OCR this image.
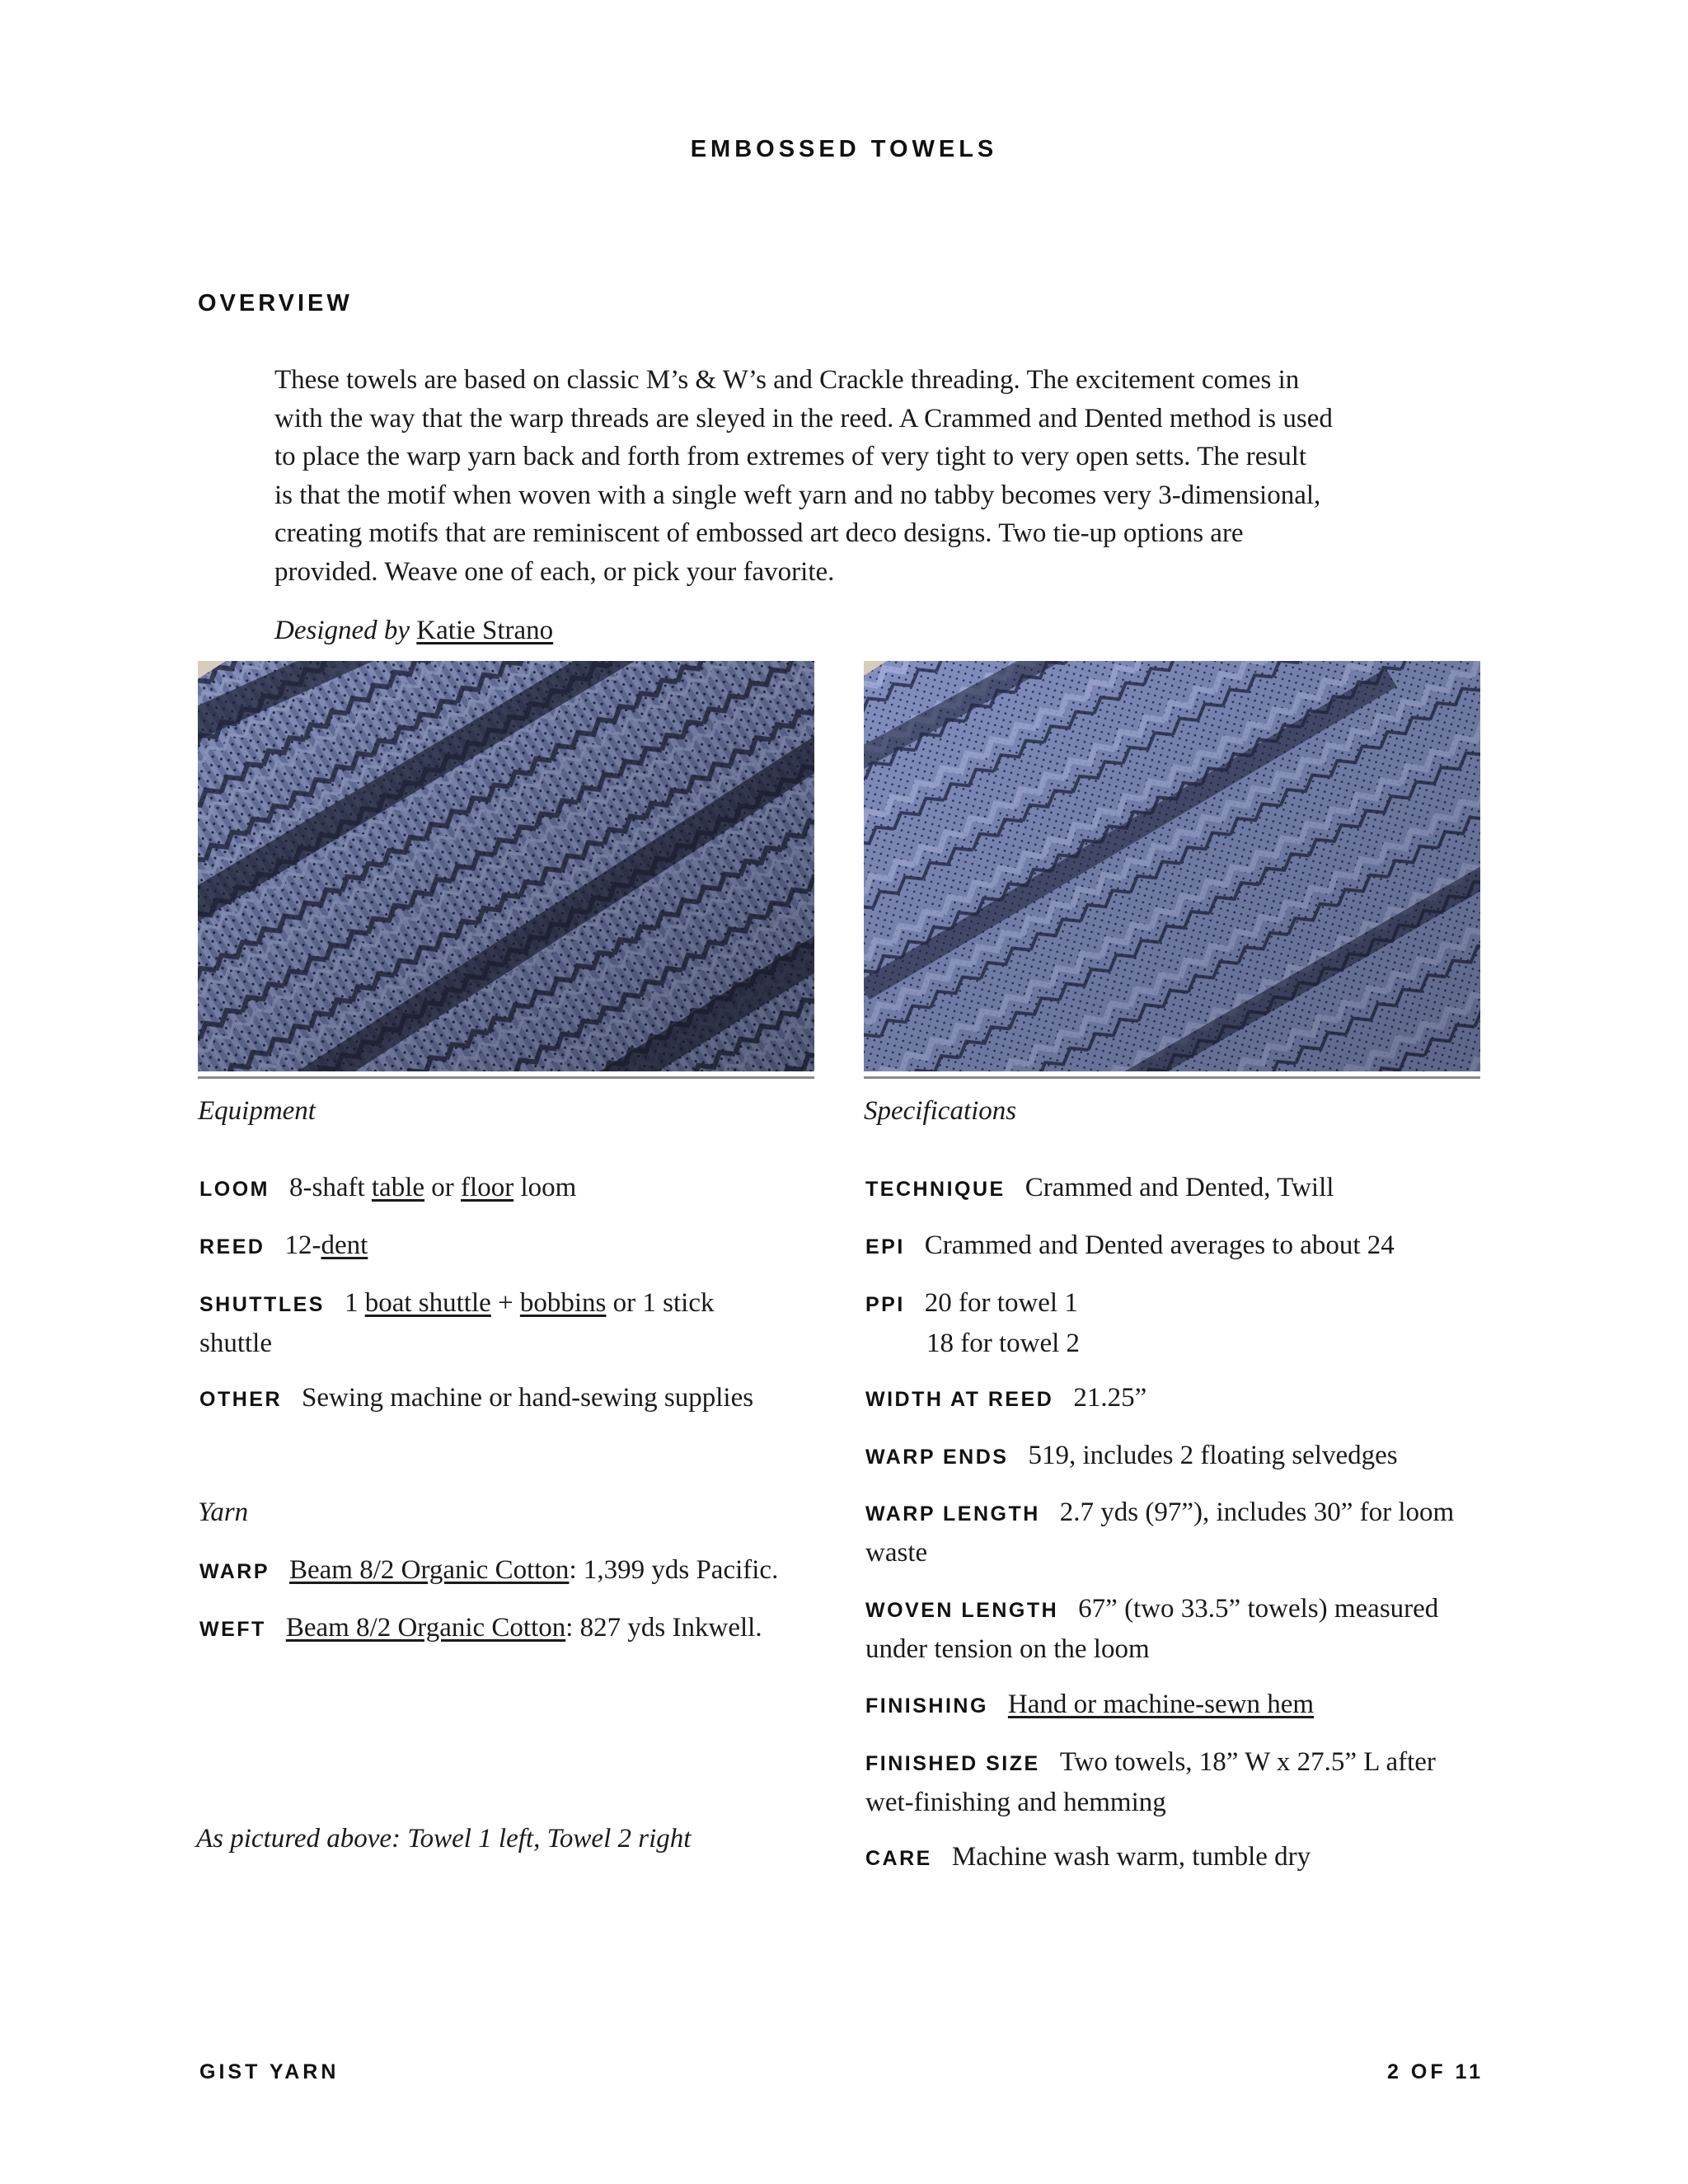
EMBOSSED TOWELS
OVERVIEW
These towels are based on classic M’s & W’s and Crackle threading. The excitement comes in
with the way that the warp threads are sleyed in the reed. A Crammed and Dented method is used
to place the warp yarn back and forth from extremes of very tight to very open setts. The result
is that the motif when woven with a single weft yarn and no tabby becomes very 3-dimensional,
creating motifs that are reminiscent of embossed art deco designs. Two tie-up options are
provided. Weave one of each, or pick your favorite.
Designed by Katie Strano
Equipment
LOOM 8-shaft table or floor loom
REED 12-dent
SHUTTLES 1 boat shuttle + bobbins or 1 stick
shuttle
OTHER Sewing machine or hand-sewing supplies
Yarn
WARP Beam 8/2 Organic Cotton: 1,399 yds Pacific.
WEFT Beam 8/2 Organic Cotton: 827 yds Inkwell.
As pictured above: Towel 1 left, Towel 2 right
Specifications
TECHNIQUE Crammed and Dented, Twill
EPI Crammed and Dented averages to about 24
PPI 20 for towel 1
18 for towel 2
WIDTH AT REED 21.25”
WARP ENDS 519, includes 2 floating selvedges
WARP LENGTH 2.7 yds (97”), includes 30” for loom
waste
WOVEN LENGTH 67” (two 33.5” towels) measured
under tension on the loom
FINISHING Hand or machine-sewn hem
FINISHED SIZE Two towels, 18” W x 27.5” L after
wet-finishing and hemming
CARE Machine wash warm, tumble dry
GIST YARN	2 OF 11
